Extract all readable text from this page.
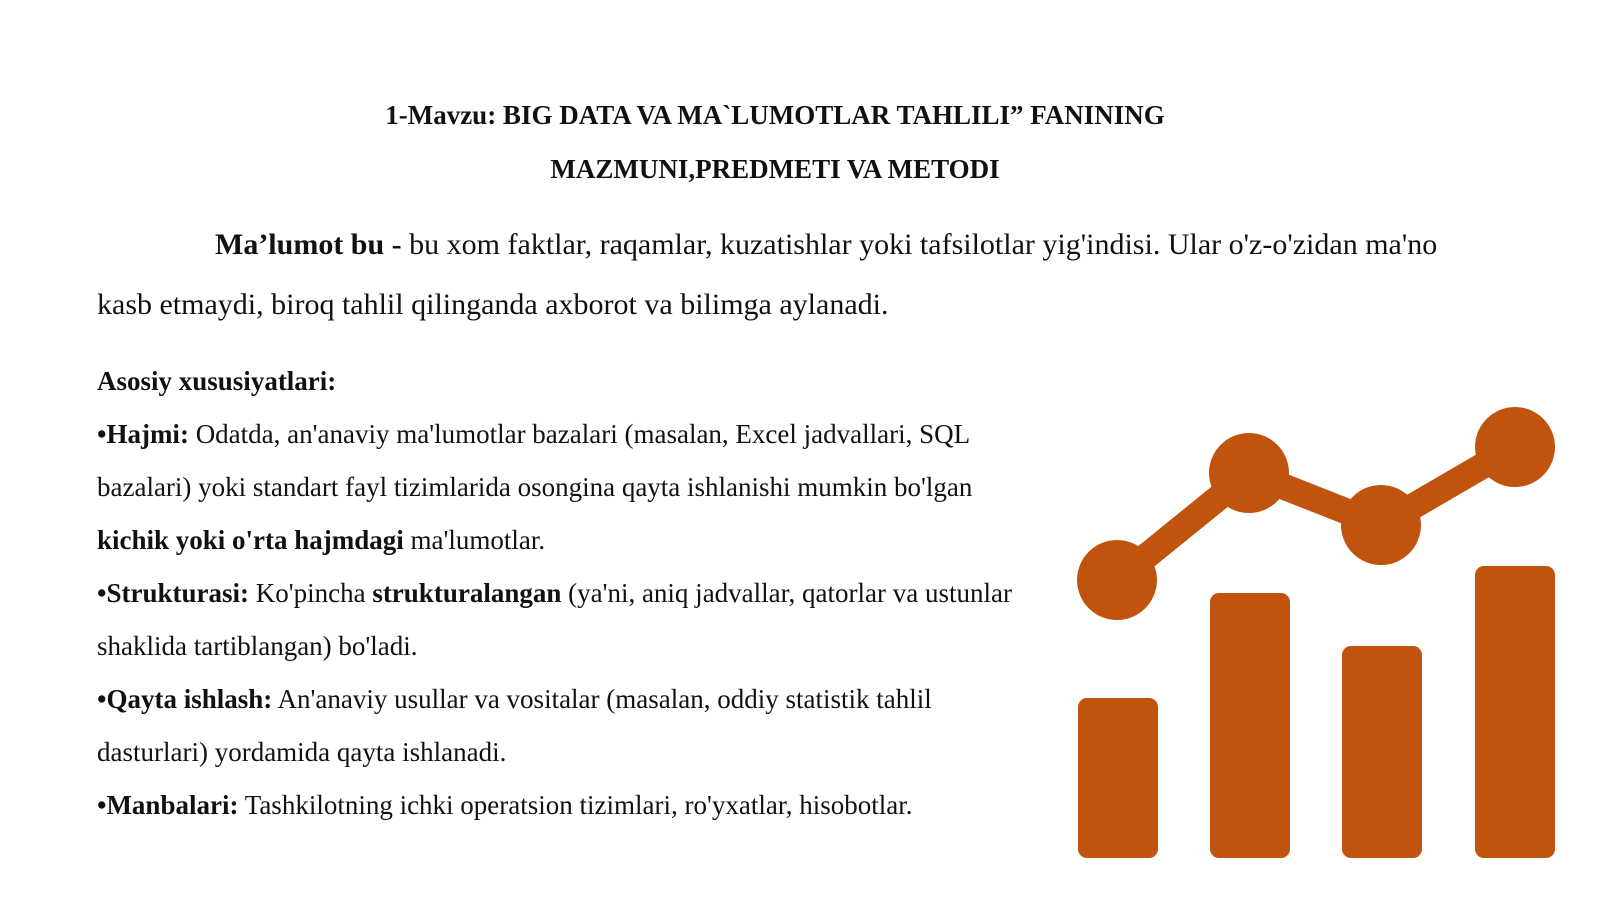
1-Mavzu: BIG DATA VA MA`LUMOTLAR TAHLILI” FANINING
MAZMUNI,PREDMETI VA METODI
Ma’lumot bu - bu xom faktlar, raqamlar, kuzatishlar yoki tafsilotlar yig'indisi. Ular o'z-o'zidan ma'no kasb etmaydi, biroq tahlil qilinganda axborot va bilimga aylanadi.

Asosiy xususiyatlari:

•Hajmi: Odatda, an'anaviy ma'lumotlar bazalari (masalan, Excel jadvallari, SQL bazalari) yoki standart fayl tizimlarida osongina qayta ishlanishi mumkin bo'lgan kichik yoki o'rta hajmdagi ma'lumotlar.

•Strukturasi: Ko'pincha strukturalangan (ya'ni, aniq jadvallar, qatorlar va ustunlar shaklida tartiblangan) bo'ladi.

•Qayta ishlash: An'anaviy usullar va vositalar (masalan, oddiy statistik tahlil dasturlari) yordamida qayta ishlanadi.

•Manbalari: Tashkilotning ichki operatsion tizimlari, ro'yxatlar, hisobotlar.
